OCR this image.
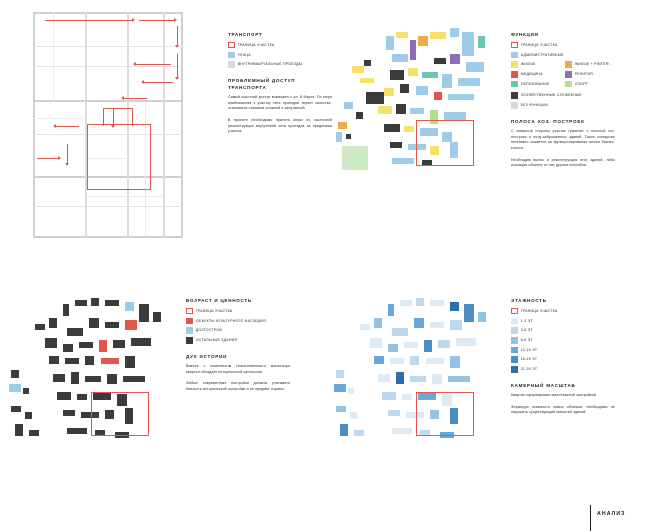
ТРАНСПОРТ
ГРАНИЦА УЧАСТКА
УЛИЦА
ВНУТРИКВАРТАЛЬНЫЕ ПРОЕЗДЫ
ПРОБЛЕМНЫЙ ДОСТУП ТРАНСПОРТА
Самый короткий доступ возможен с ул. 8 Марта. По мере приближения к участку сеть проездов теряет качество, становятся слишком сложной и запутанной.
В проекте необходимо принять меры по частичной реконструкции внутренней сети проездов за пределами участка.
ФУНКЦИЯ
ГРАНИЦА УЧАСТКА
АДМИНИСТРАТИВНЫЕ
ЖИЛЫЕ
МЕДИЦИНА
ОБРАЗОВАНИЕ
ЖИЛЫЕ + PINTER\
РЕЛИГИЯ
СПОРТ
ХОЗЯЙСТВЕННЫЕ СЛУЖЕБНЫЕ
БЕЗ ФУНКЦИИ
ПОЛОСА ХОЗ. ПОСТРОЕК
С северной стороны участок граничит с полосой хоз. построек и полу-заброшенных зданий. Такое соседство негативно скажется на функционировании жилья бизнес-класса.
Необходим вынос и реконструкция этих зданий, либо изоляция объекта от них другим способом.
ВОЗРАСТ И ЦЕННОСТЬ
ГРАНИЦА УЧАСТКА
ОБЪЕКТЫ КУЛЬТУРНОГО НАСЛЕДИЯ
ДОЛГОСТРОЙ
ОСТАЛЬНЫЕ ЗДАНИЯ
ДУХ ИСТОРИИ
Вместе с комплексом Новотихвинского монастыря квартал обладает исторической ценностью.
Любые современные постройки должны учитывать близость исторической застройки и ее предмет охраны.
ЭТАЖНОСТЬ
ГРАНИЦА УЧАСТКА
1-2 ЭТ
3-5 ЭТ
6-9 ЭТ
10-15 ЭТ
16-20 ЭТ
21-30 ЭТ
КАМЕРНЫЙ МАСШТАБ
Квартал сформирован малоэтажной застройкой.
Формируя этажность новых объемов, необходимо не нарушить существующий масштаб зданий.
АНАЛИЗ
